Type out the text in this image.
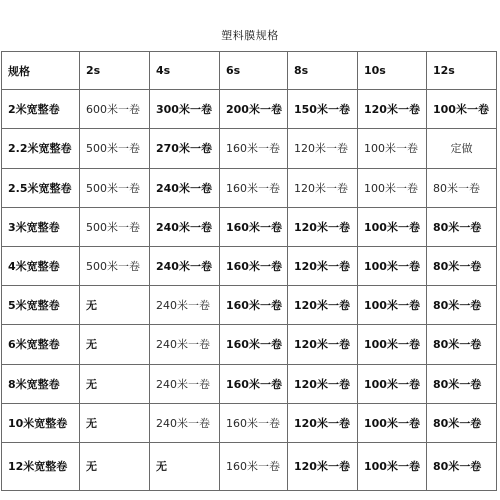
塑料膜规格
规格	2s	4s	6s	8s	10s	12s
2米宽整卷	600米一卷	300米一卷	200米一卷	150米一卷	120米一卷	100米一卷
2.2米宽整卷	500米一卷	270米一卷	160米一卷	120米一卷	100米一卷	定做
2.5米宽整卷	500米一卷	240米一卷	160米一卷	120米一卷	100米一卷	80米一卷
3米宽整卷	500米一卷	240米一卷	160米一卷	120米一卷	100米一卷	80米一卷
4米宽整卷	500米一卷	240米一卷	160米一卷	120米一卷	100米一卷	80米一卷
5米宽整卷	无	240米一卷	160米一卷	120米一卷	100米一卷	80米一卷
6米宽整卷	无	240米一卷	160米一卷	120米一卷	100米一卷	80米一卷
8米宽整卷	无	240米一卷	160米一卷	120米一卷	100米一卷	80米一卷
10米宽整卷	无	240米一卷	160米一卷	120米一卷	100米一卷	80米一卷
12米宽整卷	无	无	160米一卷	120米一卷	100米一卷	80米一卷
